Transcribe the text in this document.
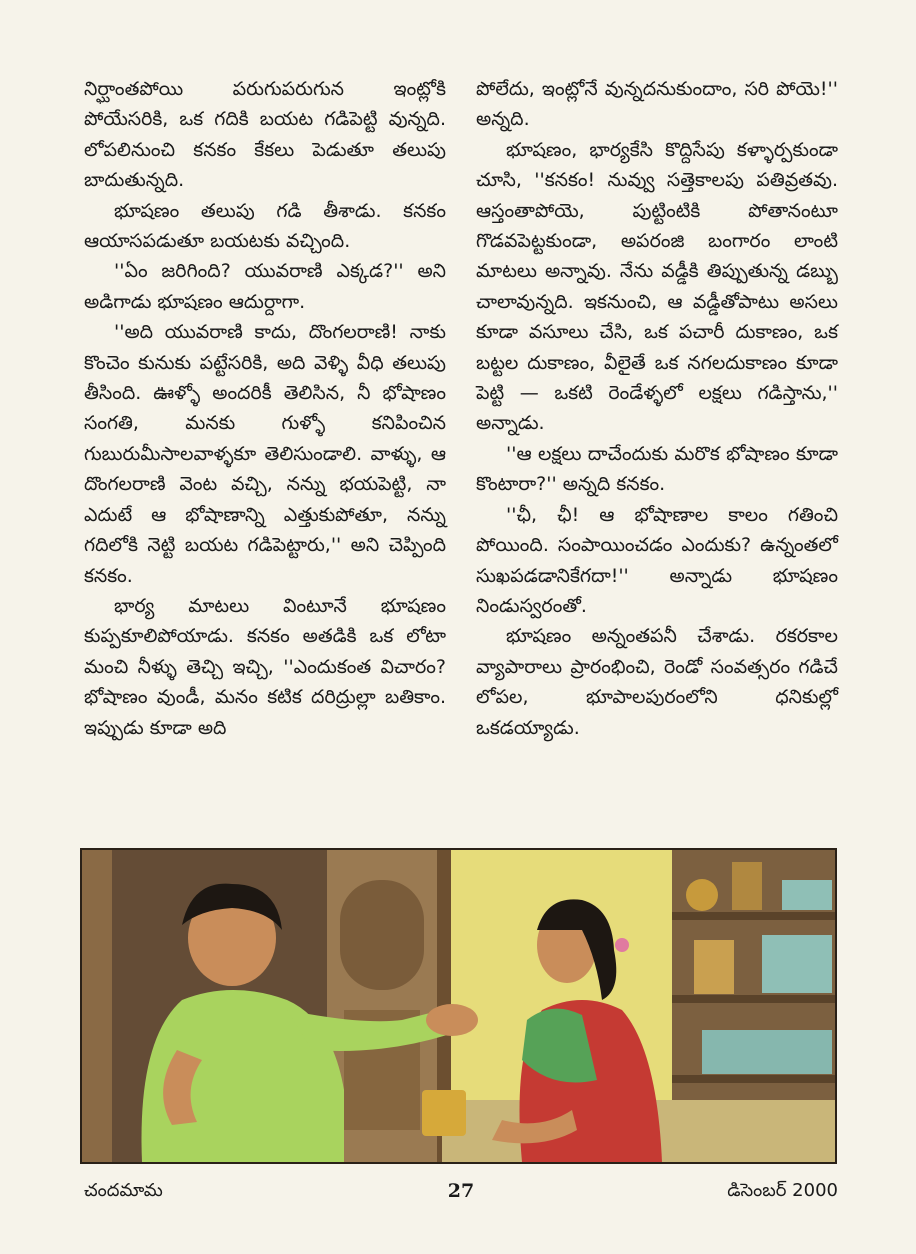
నిర్ఘాంతపోయి పరుగుపరుగున ఇంట్లోకి పోయేసరికి, ఒక గదికి బయట గడిపెట్టి వున్నది. లోపలినుంచి కనకం కేకలు పెడుతూ తలుపు బాదుతున్నది.

భూషణం తలుపు గడి తీశాడు. కనకం ఆయాసపడుతూ బయటకు వచ్చింది.

''ఏం జరిగింది? యువరాణి ఎక్కడ?'' అని అడిగాడు భూషణం ఆదుర్దాగా.

''అది యువరాణి కాదు, దొంగలరాణి! నాకు కొంచెం కునుకు పట్టేసరికి, అది వెళ్ళి వీధి తలుపు తీసింది. ఊళ్ళో అందరికీ తెలిసిన, నీ భోషాణం సంగతి, మనకు గుళ్ళో కనిపించిన గుబురుమీసాలవాళ్ళకూ తెలిసుండాలి. వాళ్ళు, ఆ దొంగలరాణి వెంట వచ్చి, నన్ను భయపెట్టి, నా ఎదుటే ఆ భోషాణాన్ని ఎత్తుకుపోతూ, నన్ను గదిలోకి నెట్టి బయట గడిపెట్టారు,'' అని చెప్పింది కనకం.

భార్య మాటలు వింటూనే భూషణం కుప్పకూలిపోయాడు. కనకం అతడికి ఒక లోటా మంచి నీళ్ళు తెచ్చి ఇచ్చి, ''ఎందుకంత విచారం? భోషాణం వుండీ, మనం కటిక దరిద్రుల్లా బతికాం. ఇప్పుడు కూడా అది

పోలేదు, ఇంట్లోనే వున్నదనుకుందాం, సరి పోయె!'' అన్నది.

భూషణం, భార్యకేసి కొద్దిసేపు కళ్ళార్పకుండా చూసి, ''కనకం! నువ్వు సత్తెకాలపు పతివ్రతవు. ఆస్తంతాపోయె, పుట్టింటికి పోతానంటూ గొడవపెట్టకుండా, అపరంజి బంగారం లాంటి మాటలు అన్నావు. నేను వడ్డీకి తిప్పుతున్న డబ్బు చాలావున్నది. ఇకనుంచి, ఆ వడ్డీతోపాటు అసలు కూడా వసూలు చేసి, ఒక పచారీ దుకాణం, ఒక బట్టల దుకాణం, వీలైతే ఒక నగలదుకాణం కూడా పెట్టి — ఒకటి రెండేళ్ళలో లక్షలు గడిస్తాను,'' అన్నాడు.

''ఆ లక్షలు దాచేందుకు మరొక భోషాణం కూడా కొంటారా?'' అన్నది కనకం.

''ఛీ, ఛీ! ఆ భోషాణాల కాలం గతించి పోయింది. సంపాయించడం ఎందుకు? ఉన్నంతలో సుఖపడడానికేగదా!'' అన్నాడు భూషణం నిండుస్వరంతో.

భూషణం అన్నంతపనీ చేశాడు. రకరకాల వ్యాపారాలు ప్రారంభించి, రెండో సంవత్సరం గడిచే లోపల, భూపాలపురంలోని ధనికుల్లో ఒకడయ్యాడు.

చందమామ	27	డిసెంబర్ 2000
